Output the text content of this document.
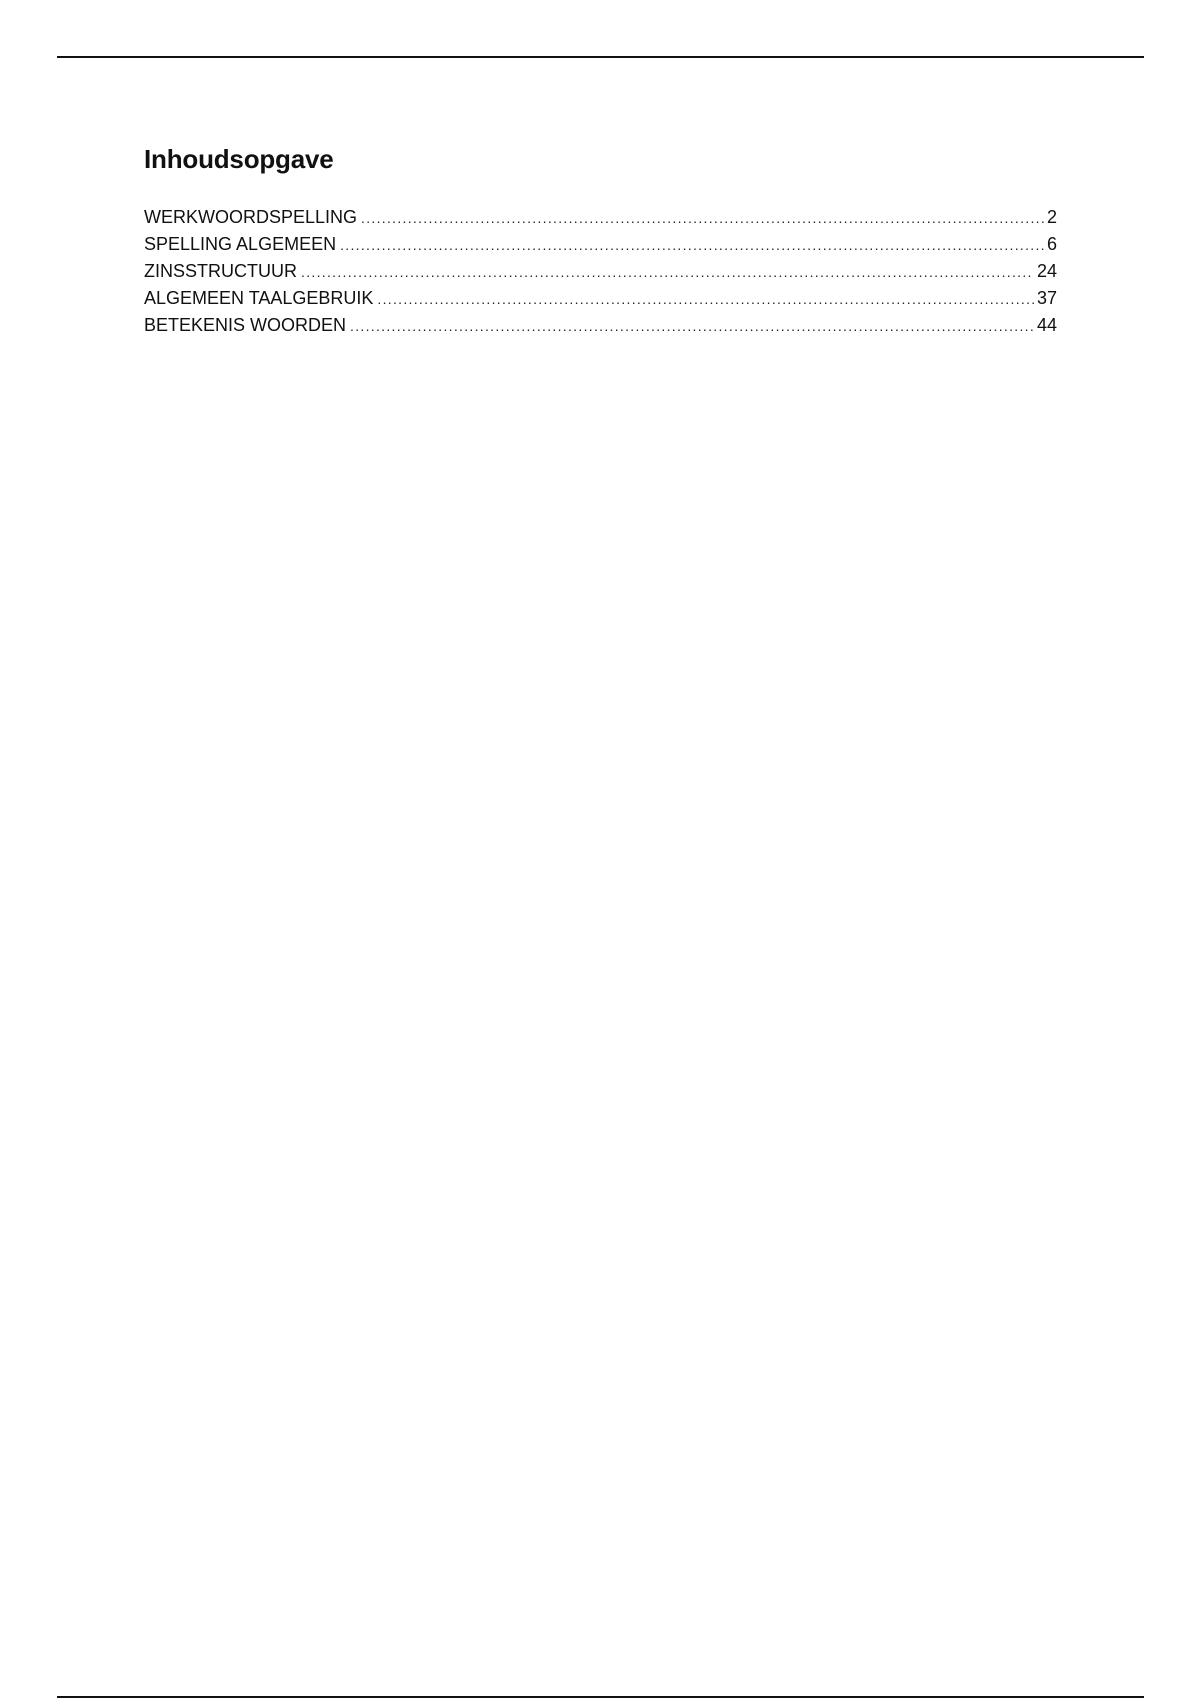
Inhoudsopgave
WERKWOORDSPELLING .....	2
SPELLING ALGEMEEN .....	6
ZINSSTRUCTUUR .....	24
ALGEMEEN TAALGEBRUIK .....	37
BETEKENIS WOORDEN .....	44
